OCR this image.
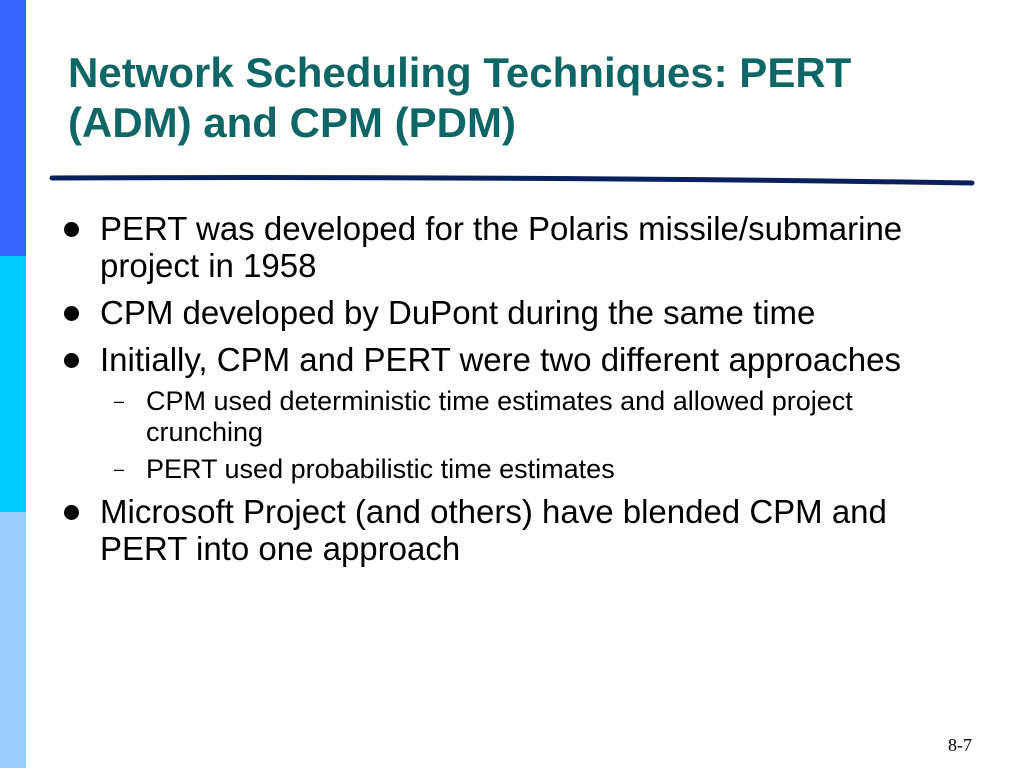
Network Scheduling Techniques: PERT
(ADM) and CPM (PDM)
PERT was developed for the Polaris missile/submarine project in 1958
CPM developed by DuPont during the same time
Initially, CPM and PERT were two different approaches
– CPM used deterministic time estimates and allowed project crunching
– PERT used probabilistic time estimates
Microsoft Project (and others) have blended CPM and PERT into one approach
8-7
